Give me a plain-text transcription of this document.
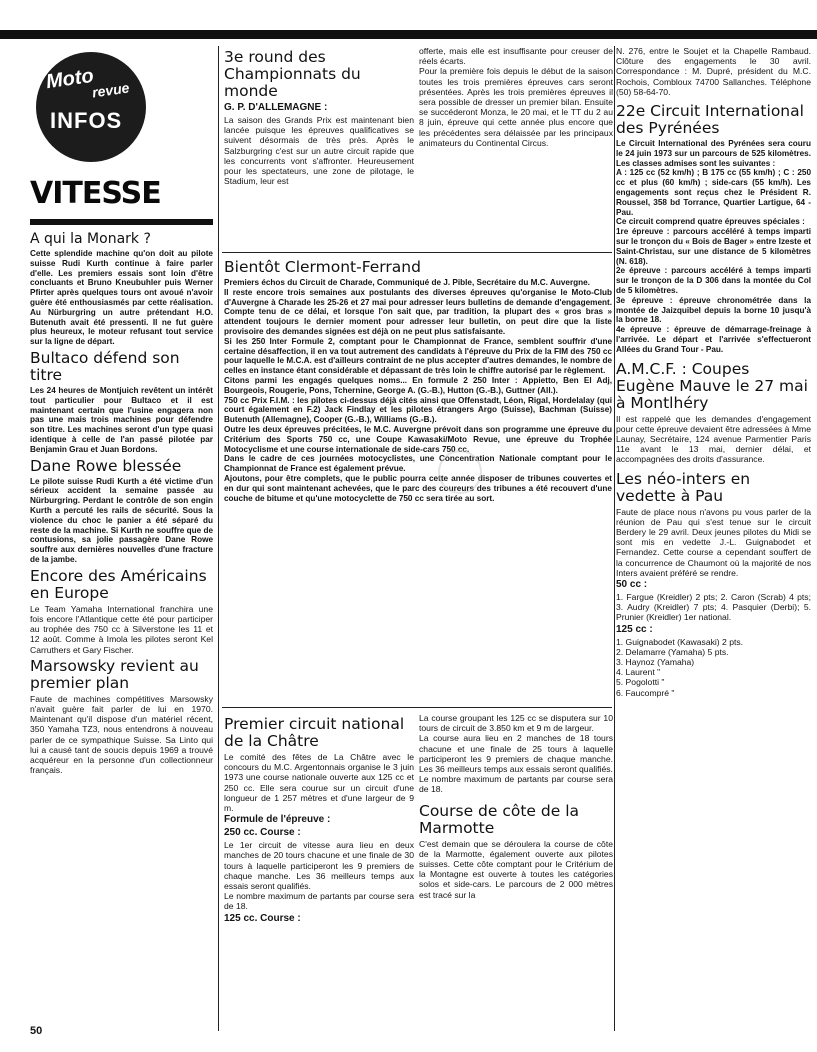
Moto
revue
INFOS
VITESSE
A qui la Monark ?

Cette splendide machine qu'on doit au pilote suisse Rudi Kurth continue à faire parler d'elle. Les premiers essais sont loin d'être concluants et Bruno Kneubuhler puis Werner Pfirter après quelques tours ont avoué n'avoir guère été enthousiasmés par cette réalisation. Au Nürburgring un autre prétendant H.O. Butenuth avait été pressenti. Il ne fut guère plus heureux, le moteur refusant tout service sur la ligne de départ.

Bultaco défend son titre

Les 24 heures de Montjuich revêtent un intérêt tout particulier pour Bultaco et il est maintenant certain que l'usine engagera non pas une mais trois machines pour défendre son titre. Les machines seront d'un type quasi identique à celle de l'an passé pilotée par Benjamin Grau et Juan Bordons.

Dane Rowe blessée

Le pilote suisse Rudi Kurth a été victime d'un sérieux accident la semaine passée au Nürburgring. Perdant le contrôle de son engin Kurth a percuté les rails de sécurité. Sous la violence du choc le panier a été séparé du reste de la machine. Si Kurth ne souffre que de contusions, sa jolie passagère Dane Rowe souffre aux dernières nouvelles d'une fracture de la jambe.

Encore des Américains en Europe

Le Team Yamaha International franchira une fois encore l'Atlantique cette été pour participer au trophée des 750 cc à Silverstone les 11 et 12 août. Comme à Imola les pilotes seront Kel Carruthers et Gary Fischer.

Marsowsky revient au premier plan

Faute de machines compétitives Marsowsky n'avait guère fait parler de lui en 1970. Maintenant qu'il dispose d'un matériel récent, 350 Yamaha TZ3, nous entendrons à nouveau parler de ce sympathique Suisse. Sa Linto qui lui a causé tant de soucis depuis 1969 a trouvé acquéreur en la personne d'un collectionneur français.

3e round des Championnats du monde
G. P. D'ALLEMAGNE :

La saison des Grands Prix est maintenant bien lancée puisque les épreuves qualificatives se suivent désormais de très près. Après le Salzburgring c'est sur un autre circuit rapide que les concurrents vont s'affronter. Heureusement pour les spectateurs, une zone de pilotage, le Stadium, leur est

offerte, mais elle est insuffisante pour creuser de réels écarts.

Pour la première fois depuis le début de la saison toutes les trois premières épreuves cars seront présentées. Après les trois premières épreuves il sera possible de dresser un premier bilan. Ensuite se succéderont Monza, le 20 mai, et le TT du 2 au 8 juin, épreuve qui cette année plus encore que les précédentes sera délaissée par les principaux animateurs du Continental Circus.

Bientôt Clermont-Ferrand

Premiers échos du Circuit de Charade, Communiqué de J. Pible, Secrétaire du M.C. Auvergne.

Il reste encore trois semaines aux postulants des diverses épreuves qu'organise le Moto-Club d'Auvergne à Charade les 25-26 et 27 mai pour adresser leurs bulletins de demande d'engagement. Compte tenu de ce délai, et lorsque l'on sait que, par tradition, la plupart des « gros bras » attendent toujours le dernier moment pour adresser leur bulletin, on peut dire que la liste provisoire des demandes signées est déjà on ne peut plus satisfaisante.

Si les 250 Inter Formule 2, comptant pour le Championnat de France, semblent souffrir d'une certaine désaffection, il en va tout autrement des candidats à l'épreuve du Prix de la FIM des 750 cc pour laquelle le M.C.A. est d'ailleurs contraint de ne plus accepter d'autres demandes, le nombre de celles en instance étant considérable et dépassant de très loin le chiffre autorisé par le règlement.

Citons parmi les engagés quelques noms... En formule 2 250 Inter : Appietto, Ben El Adj, Bourgeois, Rougerie, Pons, Tchernine, George A. (G.-B.), Hutton (G.-B.), Guttner (All.).

750 cc Prix F.I.M. : les pilotes ci-dessus déjà cités ainsi que Offenstadt, Léon, Rigal, Hordelalay (qui court également en F.2) Jack Findlay et les pilotes étrangers Argo (Suisse), Bachman (Suisse) Butenuth (Allemagne), Cooper (G.-B.), Williams (G.-B.).

Outre les deux épreuves précitées, le M.C. Auvergne prévoit dans son programme une épreuve du Critérium des Sports 750 cc, une Coupe Kawasaki/Moto Revue, une épreuve du Trophée Motocyclisme et une course internationale de side-cars 750 cc.

Dans le cadre de ces journées motocyclistes, une Concentration Nationale comptant pour le Championnat de France est également prévue.

Ajoutons, pour être complets, que le public pourra cette année disposer de tribunes couvertes et en dur qui sont maintenant achevées, que le parc des coureurs des tribunes a été recouvert d'une couche de bitume et qu'une motocyclette de 750 cc sera tirée au sort.

Premier circuit national de la Châtre

Le comité des fêtes de La Châtre avec le concours du M.C. Argentonnais organise le 3 juin 1973 une course nationale ouverte aux 125 cc et 250 cc. Elle sera courue sur un circuit d'une longueur de 1 257 mètres et d'une largeur de 9 m.

Formule de l'épreuve :
250 cc. Course :

Le 1er circuit de vitesse aura lieu en deux manches de 20 tours chacune et une finale de 30 tours à laquelle participeront les 9 premiers de chaque manche. Les 36 meilleurs temps aux essais seront qualifiés.

Le nombre maximum de partants par course sera de 18.

125 cc. Course :

La course groupant les 125 cc se disputera sur 10 tours de circuit de 3.850 km et 9 m de largeur.

La course aura lieu en 2 manches de 18 tours chacune et une finale de 25 tours à laquelle participeront les 9 premiers de chaque manche. Les 36 meilleurs temps aux essais seront qualifiés.

Le nombre maximum de partants par course sera de 18.

Course de côte de la Marmotte

C'est demain que se déroulera la course de côte de la Marmotte, également ouverte aux pilotes suisses. Cette côte comptant pour le Critérium de la Montagne est ouverte à toutes les catégories solos et side-cars. Le parcours de 2 000 mètres est tracé sur la

N. 276, entre le Soujet et la Chapelle Rambaud. Clôture des engagements le 30 avril. Correspondance : M. Dupré, président du M.C. Rochois, Combloux 74700 Sallanches. Téléphone (50) 58-64-70.

22e Circuit International des Pyrénées

Le Circuit International des Pyrénées sera couru le 24 juin 1973 sur un parcours de 525 kilomètres. Les classes admises sont les suivantes :

A : 125 cc (52 km/h) ; B 175 cc (55 km/h) ; C : 250 cc et plus (60 km/h) ; side-cars (55 km/h). Les engagements sont reçus chez le Président R. Roussel, 358 bd Torrance, Quartier Lartigue, 64 - Pau.

Ce circuit comprend quatre épreuves spéciales :

1re épreuve : parcours accéléré à temps imparti sur le tronçon du « Bois de Bager » entre Izeste et Saint-Christau, sur une distance de 5 kilomètres (N. 618).

2e épreuve : parcours accéléré à temps imparti sur le tronçon de la D 306 dans la montée du Col de 5 kilomètres.

3e épreuve : épreuve chronométrée dans la montée de Jaizquibel depuis la borne 10 jusqu'à la borne 18.

4e épreuve : épreuve de démarrage-freinage à l'arrivée. Le départ et l'arrivée s'effectueront Allées du Grand Tour - Pau.

A.M.C.F. : Coupes Eugène Mauve le 27 mai à Montlhéry

Il est rappelé que les demandes d'engagement pour cette épreuve devaient être adressées à Mme Launay, Secrétaire, 124 avenue Parmentier Paris 11e avant le 13 mai, dernier délai, et accompagnées des droits d'assurance.

Les néo-inters en vedette à Pau

Faute de place nous n'avons pu vous parler de la réunion de Pau qui s'est tenue sur le circuit Berdery le 29 avril. Deux jeunes pilotes du Midi se sont mis en vedette J.-L. Guignabodet et Fernandez. Cette course a cependant souffert de la concurrence de Chaumont où la majorité de nos Inters avaient préféré se rendre.

50 cc :

1. Fargue (Kreidler) 2 pts; 2. Caron (Scrab) 4 pts; 3. Audry (Kreidler) 7 pts; 4. Pasquier (Derbi); 5. Prunier (Kreidler) 1er national.

125 cc :
1. Guignabodet (Kawasaki) 2 pts.
2. Delamarre (Yamaha) 5 pts.
3. Haynoz (Yamaha)
4. Laurent "
5. Pogolotti "
6. Faucompré "
50
